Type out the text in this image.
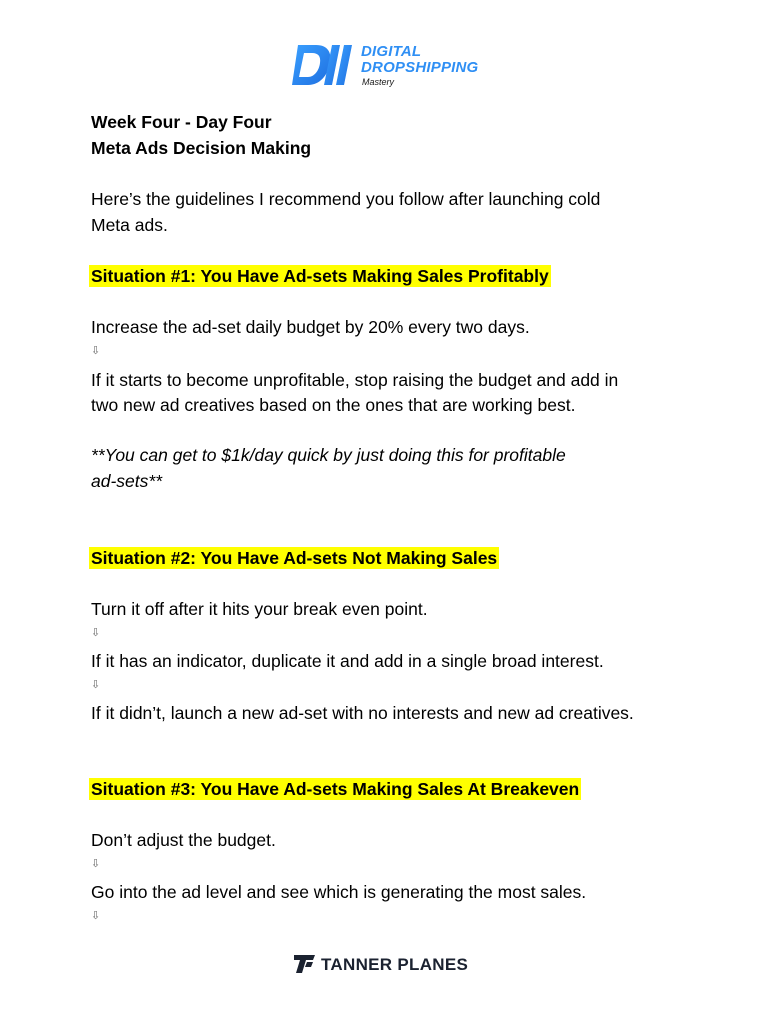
DIGITAL
DROPSHIPPING
Mastery
Week Four - Day Four
Meta Ads Decision Making
Here’s the guidelines I recommend you follow after launching cold
Meta ads.
Situation #1: You Have Ad-sets Making Sales Profitably
Increase the ad-set daily budget by 20% every two days.
⇩
If it starts to become unprofitable, stop raising the budget and add in
two new ad creatives based on the ones that are working best.
**You can get to $1k/day quick by just doing this for profitable
ad-sets**
Situation #2: You Have Ad-sets Not Making Sales
Turn it off after it hits your break even point.
⇩
If it has an indicator, duplicate it and add in a single broad interest.
⇩
If it didn’t, launch a new ad-set with no interests and new ad creatives.
Situation #3: You Have Ad-sets Making Sales At Breakeven
Don’t adjust the budget.
⇩
Go into the ad level and see which is generating the most sales.
⇩
TANNER PLANES
